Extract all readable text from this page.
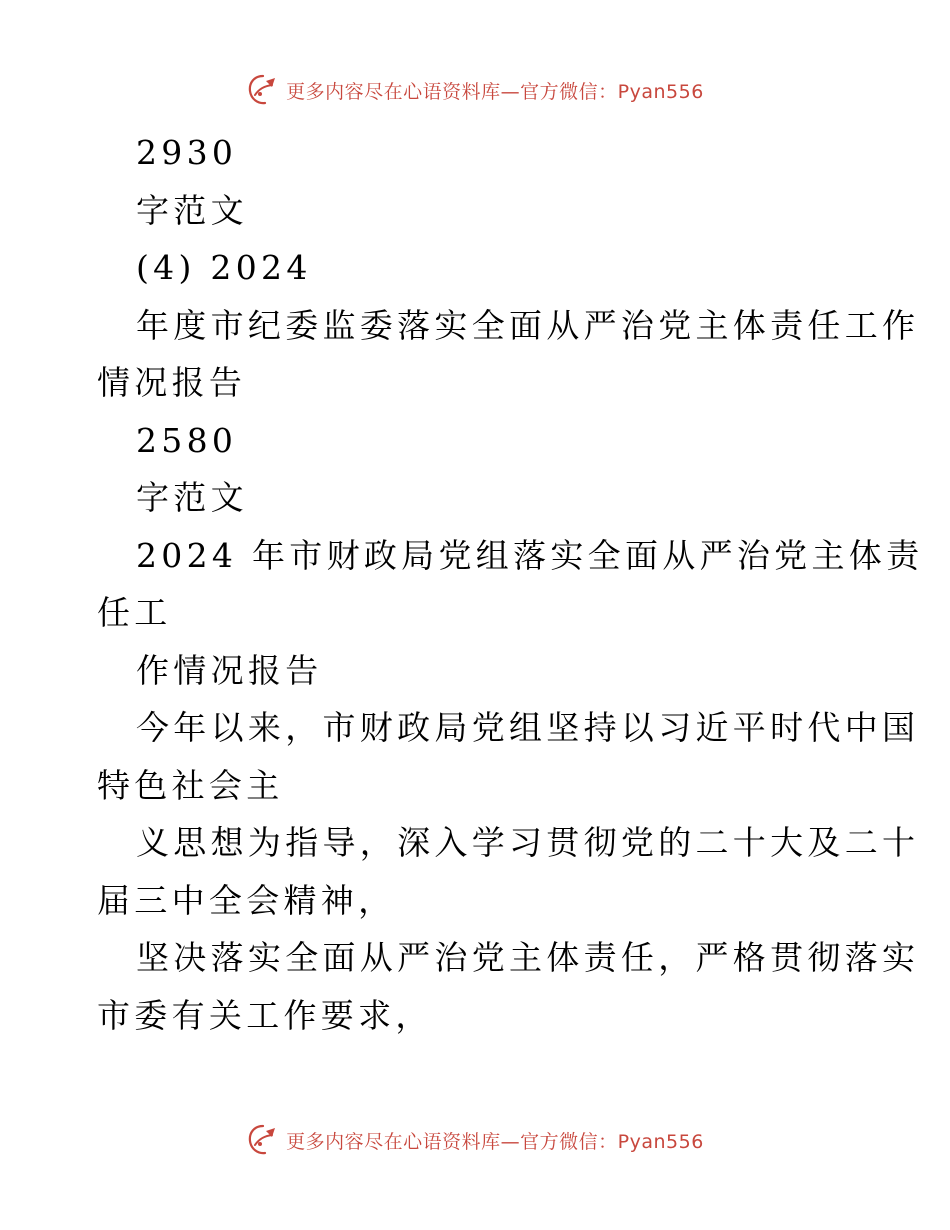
更多内容尽在心语资料库—官方微信：Pyan556
2930
字范文
(4) 2024
年度市纪委监委落实全面从严治党主体责任工作
情况报告
2580
字范文
2024 年市财政局党组落实全面从严治党主体责
任工
作情况报告
今年以来，市财政局党组坚持以习近平时代中国
特色社会主
义思想为指导，深入学习贯彻党的二十大及二十
届三中全会精神，
坚决落实全面从严治党主体责任，严格贯彻落实
市委有关工作要求，
更多内容尽在心语资料库—官方微信：Pyan556
